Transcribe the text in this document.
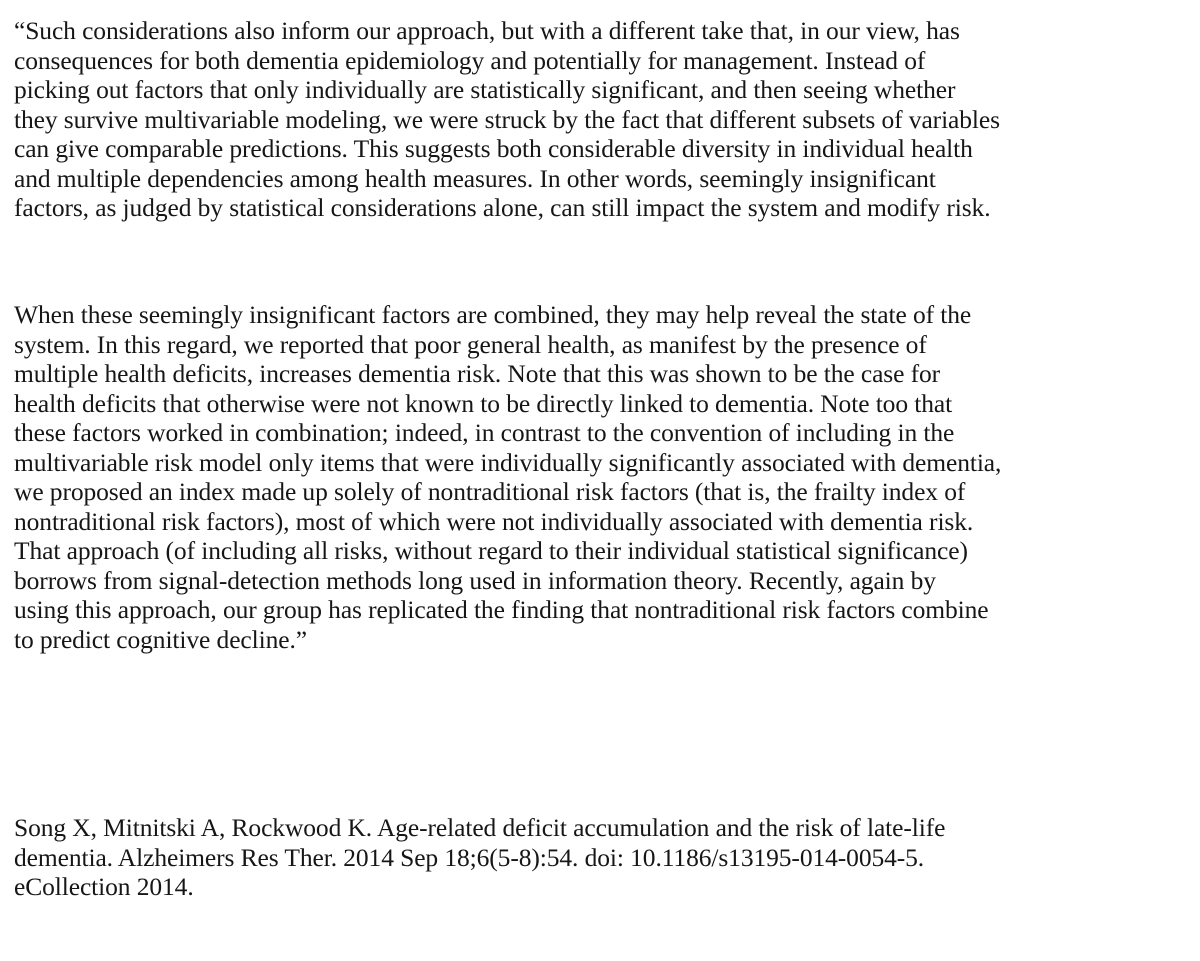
“Such considerations also inform our approach, but with a different take that, in our view, has
consequences for both dementia epidemiology and potentially for management. Instead of
picking out factors that only individually are statistically significant, and then seeing whether
they survive multivariable modeling, we were struck by the fact that different subsets of variables
can give comparable predictions. This suggests both considerable diversity in individual health
and multiple dependencies among health measures. In other words, seemingly insignificant
factors, as judged by statistical considerations alone, can still impact the system and modify risk.

When these seemingly insignificant factors are combined, they may help reveal the state of the
system. In this regard, we reported that poor general health, as manifest by the presence of
multiple health deficits, increases dementia risk. Note that this was shown to be the case for
health deficits that otherwise were not known to be directly linked to dementia. Note too that
these factors worked in combination; indeed, in contrast to the convention of including in the
multivariable risk model only items that were individually significantly associated with dementia,
we proposed an index made up solely of nontraditional risk factors (that is, the frailty index of
nontraditional risk factors), most of which were not individually associated with dementia risk.
That approach (of including all risks, without regard to their individual statistical significance)
borrows from signal-detection methods long used in information theory. Recently, again by
using this approach, our group has replicated the finding that nontraditional risk factors combine
to predict cognitive decline.”

Song X, Mitnitski A, Rockwood K. Age-related deficit accumulation and the risk of late-life
dementia. Alzheimers Res Ther. 2014 Sep 18;6(5-8):54. doi: 10.1186/s13195-014-0054-5.
eCollection 2014.
